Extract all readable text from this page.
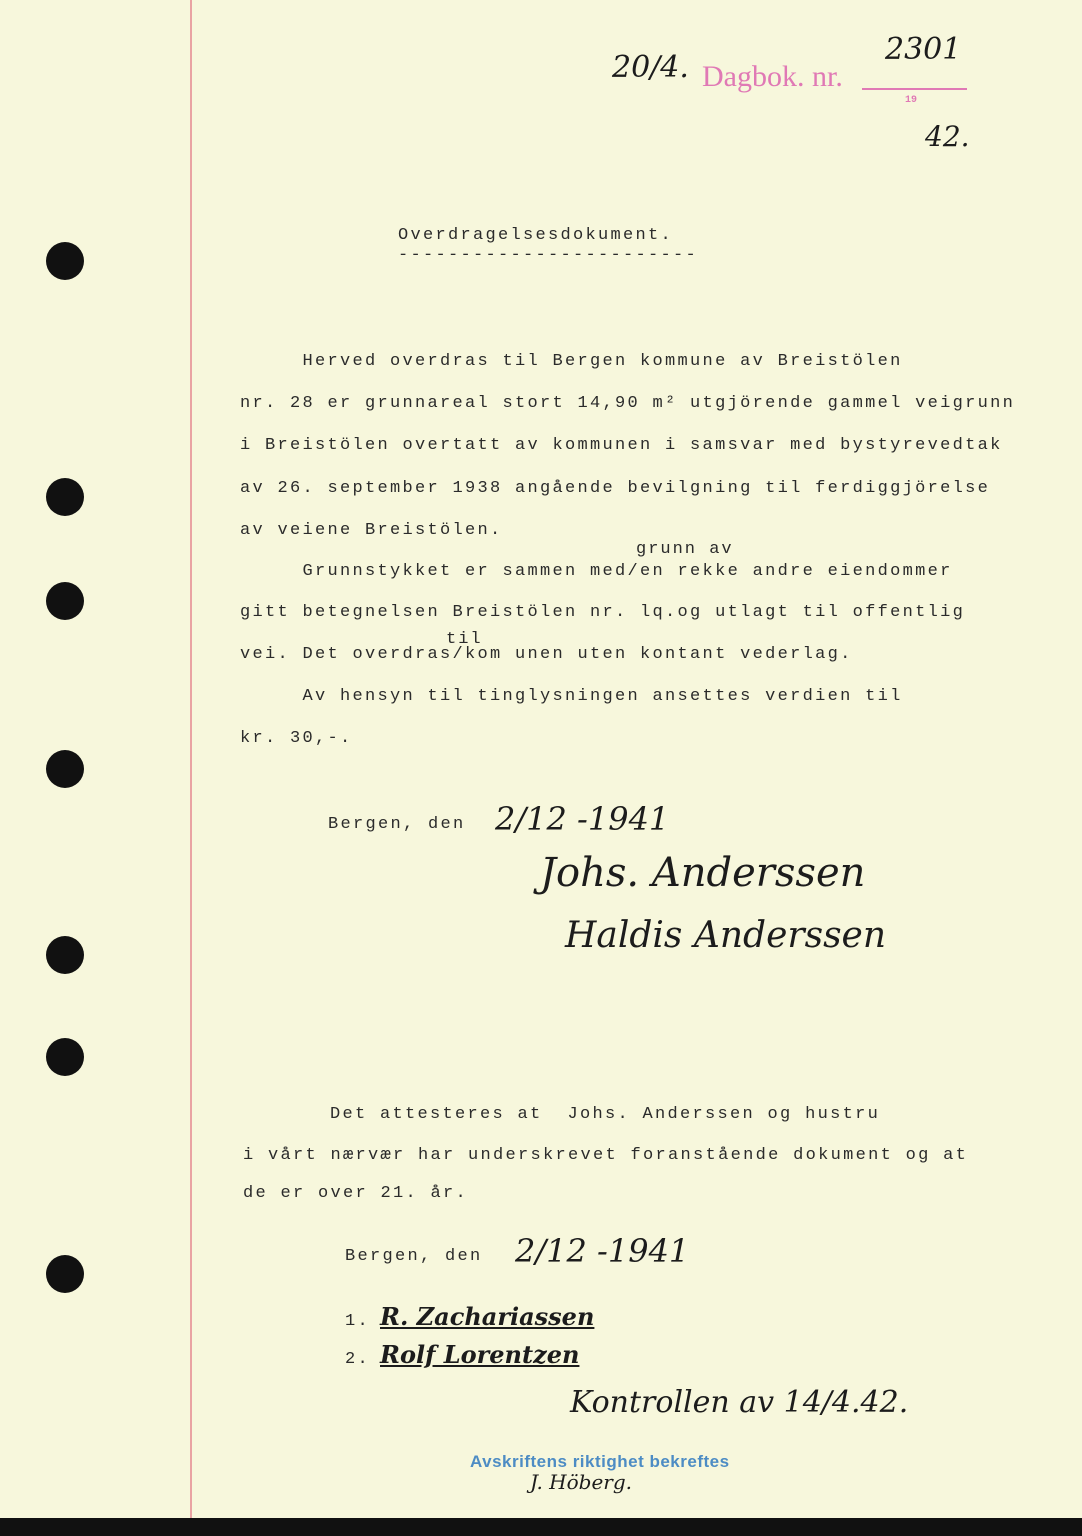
20/4. Dagbok. nr.
2301
19
42.
Overdragelsesdokument.
------------------------
Herved overdras til Bergen kommune av Breistölen
nr. 28 er grunnareal stort 14,90 m² utgjörende gammel veigrunn
i Breistölen overtatt av kommunen i samsvar med bystyrevedtak
av 26. september 1938 angående bevilgning til ferdiggjörelse
av veiene Breistölen.
grunn av
Grunnstykket er sammen med/en rekke andre eiendommer
gitt betegnelsen Breistölen nr. lq.og utlagt til offentlig
til
vei. Det overdras/kom unen uten kontant vederlag.
Av hensyn til tinglysningen ansettes verdien til
kr. 30,-.
Bergen, den 2/12 -1941
Johs. Anderssen
Haldis Anderssen
Det attesteres at  Johs. Anderssen og hustru
i vårt nærvær har underskrevet foranstående dokument og at
de er over 21. år.
Bergen, den 2/12 -1941
1. R. Zachariassen
2. Rolf Lorentzen
Kontrollen av 14/4.42.
Avskriftens riktighet bekreftes
J. Höberg.
